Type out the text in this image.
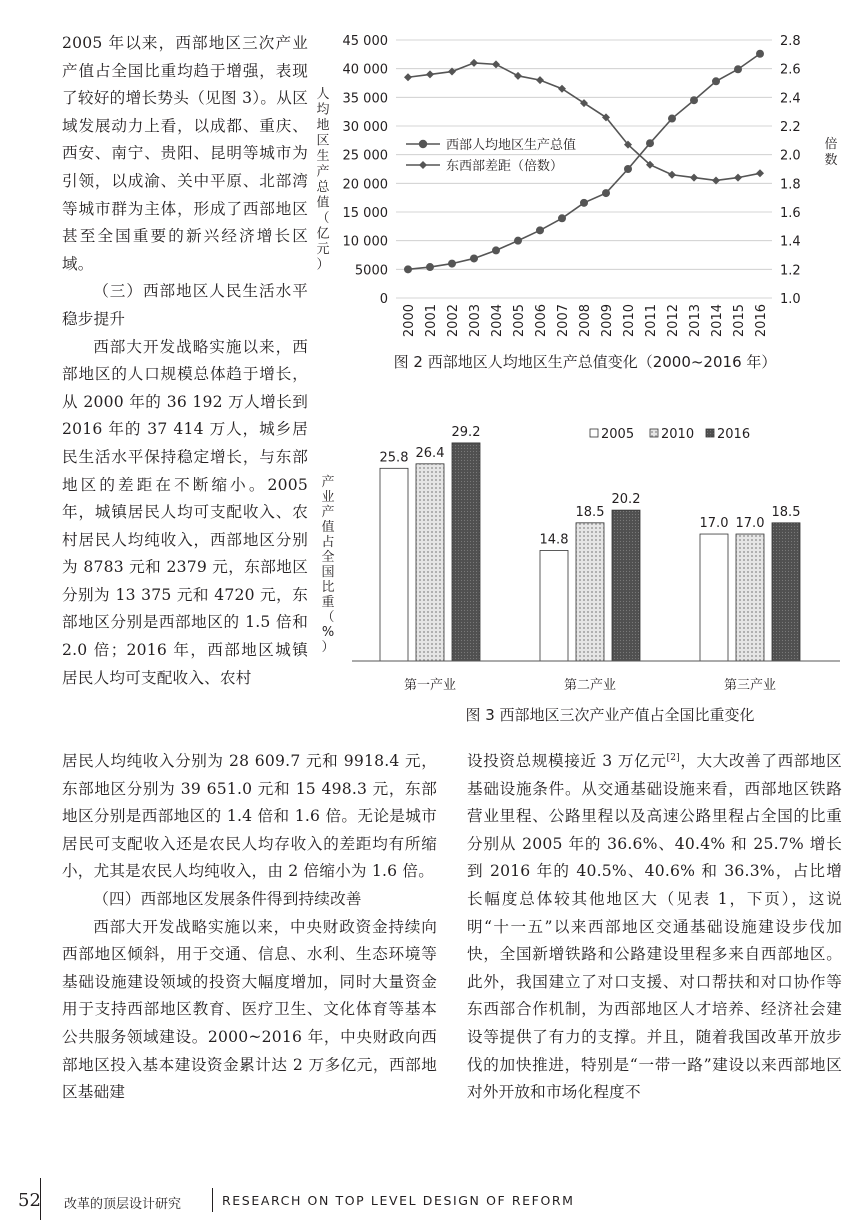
2005 年以来，西部地区三次产业产值占全国比重均趋于增强，表现了较好的增长势头（见图 3）。从区域发展动力上看，以成都、重庆、西安、南宁、贵阳、昆明等城市为引领，以成渝、关中平原、北部湾等城市群为主体，形成了西部地区甚至全国重要的新兴经济增长区域。

（三）西部地区人民生活水平稳步提升

西部大开发战略实施以来，西部地区的人口规模总体趋于增长，从 2000 年的 36 192 万人增长到 2016 年的 37 414 万人，城乡居民生活水平保持稳定增长，与东部地区的差距在不断缩小。2005 年，城镇居民人均可支配收入、农村居民人均纯收入，西部地区分别为 8783 元和 2379 元，东部地区分别为 13 375 元和 4720 元，东部地区分别是西部地区的 1.5 倍和 2.0 倍；2016 年，西部地区城镇居民人均可支配收入、农村

0
5000
10 000
15 000
20 000
25 000
30 000
35 000
40 000
45 000
1.0
1.2
1.4
1.6
1.8
2.0
2.2
2.4
2.6
2.8
2000 2001 2002 2003 2004 2005 2006 2007 2008 2009 2010 2011 2012 2013 2014 2015 2016
人均地区生产总值（亿元）
倍数
西部人均地区生产总值
东西部差距（倍数）
图 2 西部地区人均地区生产总值变化（2000~2016 年）
25.8
14.8
17.0
26.4
18.5
17.0
29.2
20.2
18.5
第一产业	第二产业	第三产业
产业产值占全国比重（%）
2005 2010 2016
图 3 西部地区三次产业产值占全国比重变化

居民人均纯收入分别为 28 609.7 元和 9918.4 元，东部地区分别为 39 651.0 元和 15 498.3 元，东部地区分别是西部地区的 1.4 倍和 1.6 倍。无论是城市居民可支配收入还是农民人均存收入的差距均有所缩小，尤其是农民人均纯收入，由 2 倍缩小为 1.6 倍。

（四）西部地区发展条件得到持续改善

西部大开发战略实施以来，中央财政资金持续向西部地区倾斜，用于交通、信息、水利、生态环境等基础设施建设领域的投资大幅度增加，同时大量资金用于支持西部地区教育、医疗卫生、文化体育等基本公共服务领域建设。2000~2016 年，中央财政向西部地区投入基本建设资金累计达 2 万多亿元，西部地区基础建

设投资总规模接近 3 万亿元[2]，大大改善了西部地区基础设施条件。从交通基础设施来看，西部地区铁路营业里程、公路里程以及高速公路里程占全国的比重分别从 2005 年的 36.6%、40.4% 和 25.7% 增长到 2016 年的 40.5%、40.6% 和 36.3%，占比增长幅度总体较其他地区大（见表 1，下页），这说明“十一五”以来西部地区交通基础设施建设步伐加快，全国新增铁路和公路建设里程多来自西部地区。此外，我国建立了对口支援、对口帮扶和对口协作等东西部合作机制，为西部地区人才培养、经济社会建设等提供了有力的支撑。并且，随着我国改革开放步伐的加快推进，特别是“一带一路”建设以来西部地区对外开放和市场化程度不

52 改革的顶层设计研究	RESEARCH ON TOP LEVEL DESIGN OF REFORM
